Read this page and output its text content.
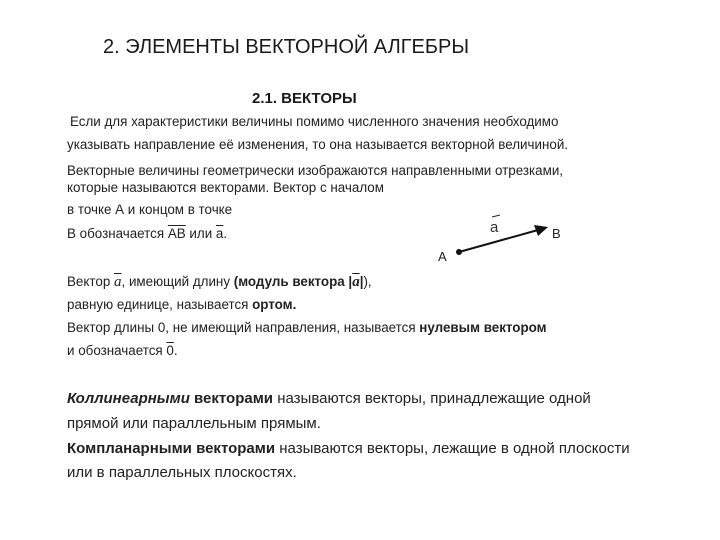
2. ЭЛЕМЕНТЫ ВЕКТОРНОЙ АЛГЕБРЫ
2.1. ВЕКТОРЫ
Если для характеристики величины помимо численного значения необходимо
указывать направление её изменения, то она называется векторной величиной.
Векторные величины геометрически изображаются направленными отрезками,
которые называются векторами. Вектор с началом
в точке А и концом в точке
В обозначается АВ или $\overline{a}$.	a
А
В
Вектор $\overline{a}$, имеющий длину (модуль вектора $|\overline{a}|$),
равную единице, называется ортом.
Вектор длины 0, не имеющий направления, называется нулевым вектором
и обозначается 0.
Коллинеарными векторами называются векторы, принадлежащие одной
прямой или параллельным прямым.
Компланарными векторами называются векторы, лежащие в одной плоскости
или в параллельных плоскостях.
